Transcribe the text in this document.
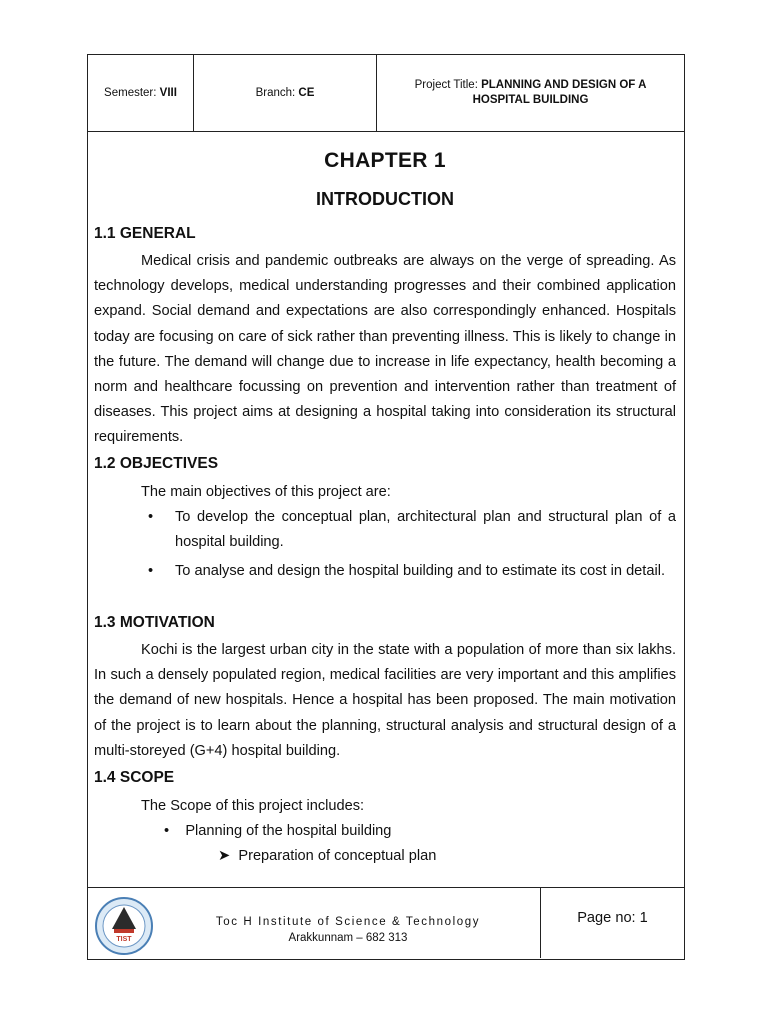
Semester:
VIII	Branch:
CE
Project Title: PLANNING AND DESIGN OF A
HOSPITAL BUILDING
CHAPTER 1
INTRODUCTION
1.1 GENERAL
Medical crisis and pandemic outbreaks are always on the verge of spreading. As technology develops, medical understanding progresses and their combined application expand. Social demand and expectations are also correspondingly enhanced. Hospitals today are focusing on care of sick rather than preventing illness. This is likely to change in the future. The demand will change due to increase in life expectancy, health becoming a norm and healthcare focussing on prevention and intervention rather than treatment of diseases. This project aims at designing a hospital taking into consideration its structural requirements.
1.2 OBJECTIVES
The main objectives of this project are:
• To develop the conceptual plan, architectural plan and structural plan of a hospital building.
• To analyse and design the hospital building and to estimate its cost in detail.
1.3 MOTIVATION
Kochi is the largest urban city in the state with a population of more than six lakhs. In such a densely populated region, medical facilities are very important and this amplifies the demand of new hospitals. Hence a hospital has been proposed. The main motivation of the project is to learn about the planning, structural analysis and structural design of a multi-storeyed (G+4) hospital building.
1.4 SCOPE
The Scope of this project includes:
• Planning of the hospital building
➤ Preparation of conceptual plan
TIST
Toc H Institute of Science & Technology
Arakkunnam – 682 313
Page no: 1
